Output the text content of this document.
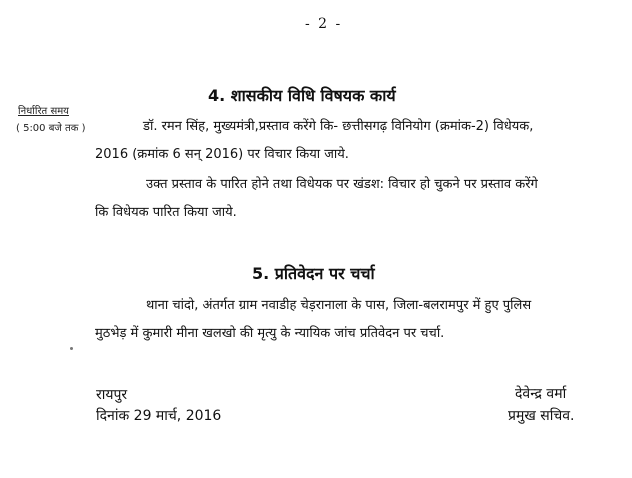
- 2 -
निर्धारित समय
( 5:00 बजे तक )
4. शासकीय विधि विषयक कार्य
डॉ. रमन सिंह, मुख्यमंत्री,प्रस्ताव करेंगे कि- छत्तीसगढ़ विनियोग (क्रमांक-2) विधेयक,
2016 (क्रमांक 6 सन् 2016) पर विचार किया जाये.
उक्त प्रस्ताव के पारित होने तथा विधेयक पर खंडश: विचार हो चुकने पर प्रस्ताव करेंगे
कि विधेयक पारित किया जाये.
5. प्रतिवेदन पर चर्चा
थाना चांदो, अंतर्गत ग्राम नवाडीह चेड़रानाला के पास, जिला-बलरामपुर में हुए पुलिस
मुठभेड़ में कुमारी मीना खलखो की मृत्यु के न्यायिक जांच प्रतिवेदन पर चर्चा.
रायपुर
दिनांक 29 मार्च, 2016
देवेन्द्र वर्मा
प्रमुख सचिव.
